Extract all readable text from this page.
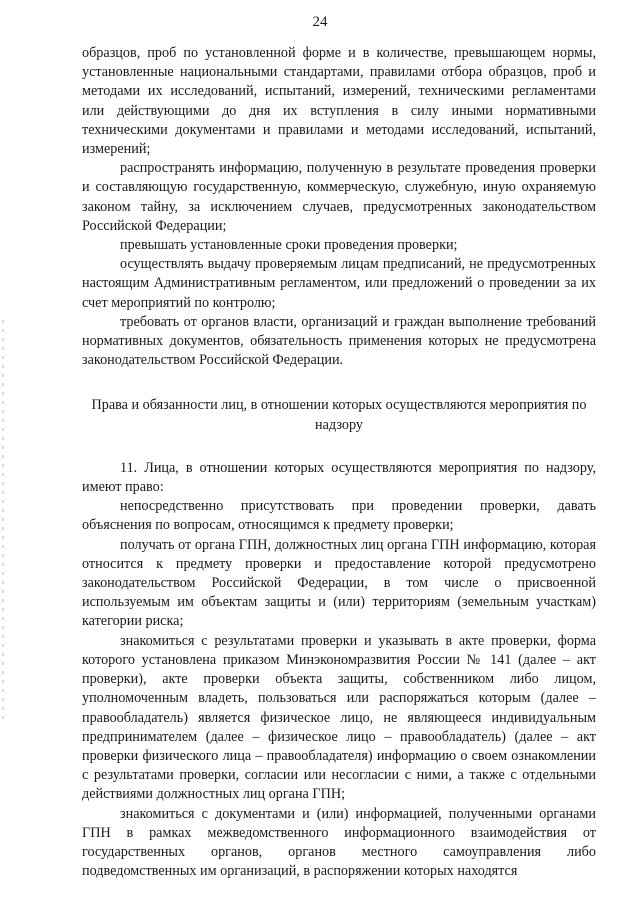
24

образцов, проб по установленной форме и в количестве, превышающем нормы, установленные национальными стандартами, правилами отбора образцов, проб и методами их исследований, испытаний, измерений, техническими регламентами или действующими до дня их вступления в силу иными нормативными техническими документами и правилами и методами исследований, испытаний, измерений;

распространять информацию, полученную в результате проведения проверки и составляющую государственную, коммерческую, служебную, иную охраняемую законом тайну, за исключением случаев, предусмотренных законодательством Российской Федерации;

превышать установленные сроки проведения проверки;

осуществлять выдачу проверяемым лицам предписаний, не предусмотренных настоящим Административным регламентом, или предложений о проведении за их счет мероприятий по контролю;

требовать от органов власти, организаций и граждан выполнение требований нормативных документов, обязательность применения которых не предусмотрена законодательством Российской Федерации.

Права и обязанности лиц, в отношении которых осуществляются мероприятия по надзору

11. Лица, в отношении которых осуществляются мероприятия по надзору, имеют право:

непосредственно присутствовать при проведении проверки, давать объяснения по вопросам, относящимся к предмету проверки;

получать от органа ГПН, должностных лиц органа ГПН информацию, которая относится к предмету проверки и предоставление которой предусмотрено законодательством Российской Федерации, в том числе о присвоенной используемым им объектам защиты и (или) территориям (земельным участкам) категории риска;

знакомиться с результатами проверки и указывать в акте проверки, форма которого установлена приказом Минэкономразвития России № 141 (далее – акт проверки), акте проверки объекта защиты, собственником либо лицом, уполномоченным владеть, пользоваться или распоряжаться которым (далее – правообладатель) является физическое лицо, не являющееся индивидуальным предпринимателем (далее – физическое лицо – правообладатель) (далее – акт проверки физического лица – правообладателя) информацию о своем ознакомлении с результатами проверки, согласии или несогласии с ними, а также с отдельными действиями должностных лиц органа ГПН;

знакомиться с документами и (или) информацией, полученными органами ГПН в рамках межведомственного информационного взаимодействия от государственных органов, органов местного самоуправления либо подведомственных им организаций, в распоряжении которых находятся
